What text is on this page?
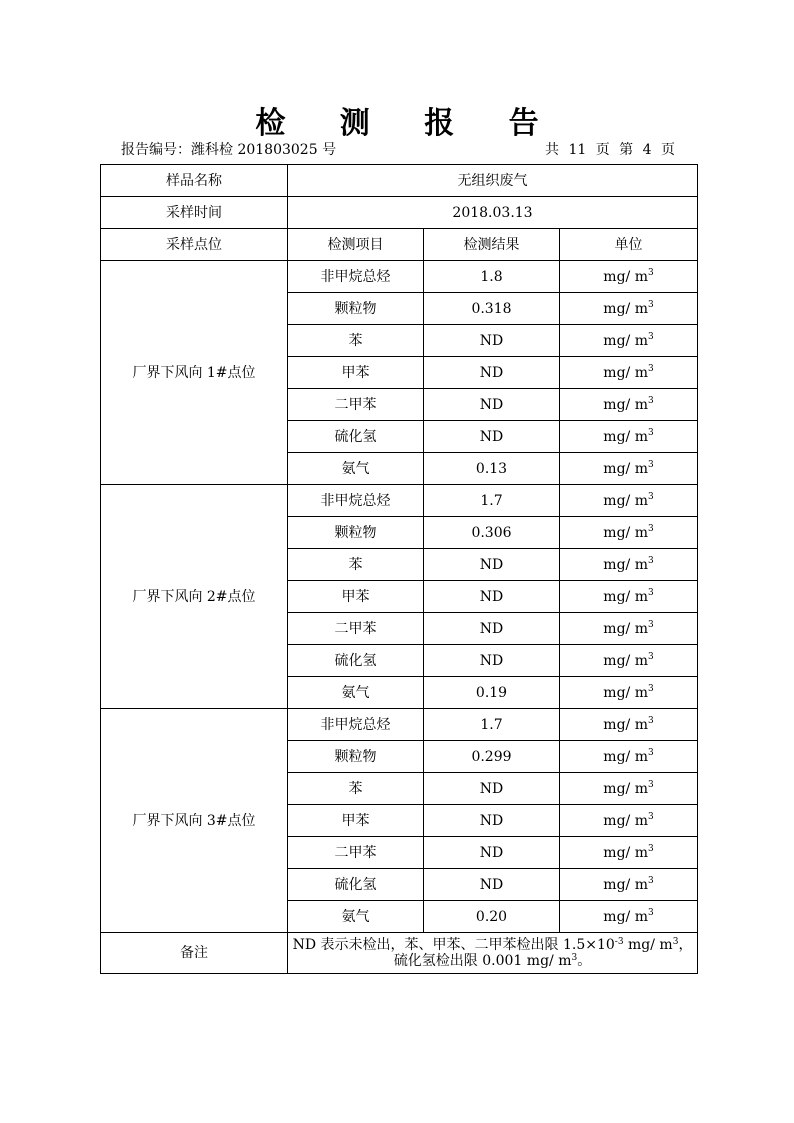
检 测 报 告
报告编号：潍科检 201803025 号	共 11 页 第 4 页
样品名称	无组织废气		
采样时间	2018.03.13		
采样点位	检测项目	检测结果	单位
厂界下风向 1#点位	非甲烷总烃	1.8	mg/ $m^3$
	颗粒物	0.318	mg/ $m^3$
	苯	ND	mg/ $m^3$
	甲苯	ND	mg/ $m^3$
	二甲苯	ND	mg/ $m^3$
	硫化氢	ND	mg/ $m^3$
	氨气	0.13	mg/ $m^3$
厂界下风向 2#点位	非甲烷总烃	1.7	mg/ $m^3$
	颗粒物	0.306	mg/ $m^3$
	苯	ND	mg/ $m^3$
	甲苯	ND	mg/ $m^3$
	二甲苯	ND	mg/ $m^3$
	硫化氢	ND	mg/ $m^3$
	氨气	0.19	mg/ $m^3$
厂界下风向 3#点位	非甲烷总烃	1.7	mg/ $m^3$
	颗粒物	0.299	mg/ $m^3$
	苯	ND	mg/ $m^3$
	甲苯	ND	mg/ $m^3$
	二甲苯	ND	mg/ $m^3$
	硫化氢	ND	mg/ $m^3$
	氨气	0.20	mg/ $m^3$
备注	ND 表示未检出，苯、甲苯、二甲苯检出限 $1.5\times 10^{-3}$ mg/ $m^3$，
硫化氢检出限 0.001 mg/ $m^3$。		
